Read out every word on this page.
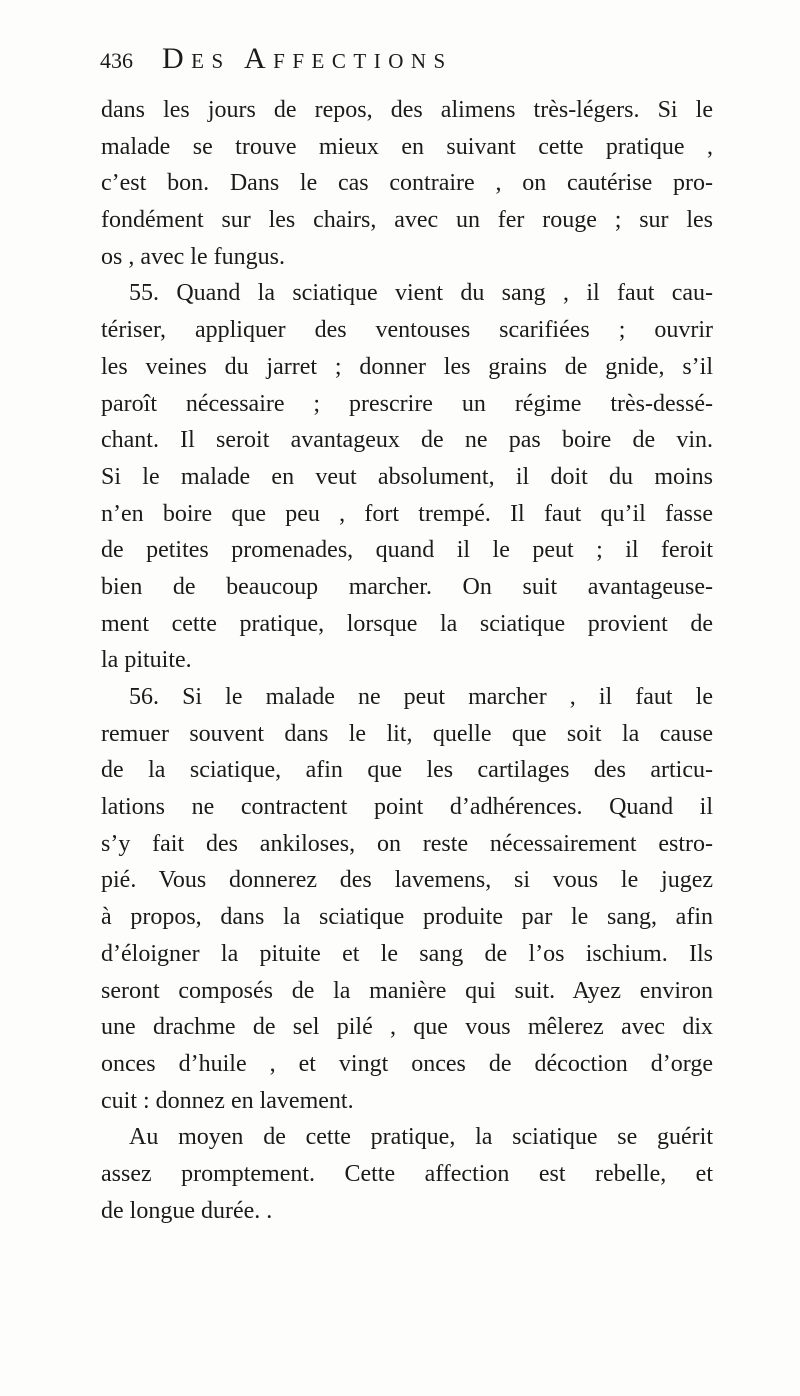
436 Des Affections
dans les jours de repos, des alimens très-légers. Si le
malade se trouve mieux en suivant cette pratique ,
c’est bon. Dans le cas contraire , on cautérise pro-
fondément sur les chairs, avec un fer rouge ; sur les
os , avec le fungus.
55. Quand la sciatique vient du sang , il faut cau-
tériser, appliquer des ventouses scarifiées ; ouvrir
les veines du jarret ; donner les grains de gnide, s’il
paroît nécessaire ; prescrire un régime très-dessé-
chant. Il seroit avantageux de ne pas boire de vin.
Si le malade en veut absolument, il doit du moins
n’en boire que peu , fort trempé. Il faut qu’il fasse
de petites promenades, quand il le peut ; il feroit
bien de beaucoup marcher. On suit avantageuse-
ment cette pratique, lorsque la sciatique provient de
la pituite.
56. Si le malade ne peut marcher , il faut le
remuer souvent dans le lit, quelle que soit la cause
de la sciatique, afin que les cartilages des articu-
lations ne contractent point d’adhérences. Quand il
s’y fait des ankiloses, on reste nécessairement estro-
pié. Vous donnerez des lavemens, si vous le jugez
à propos, dans la sciatique produite par le sang, afin
d’éloigner la pituite et le sang de l’os ischium. Ils
seront composés de la manière qui suit. Ayez environ
une drachme de sel pilé , que vous mêlerez avec dix
onces d’huile , et vingt onces de décoction d’orge
cuit : donnez en lavement.
Au moyen de cette pratique, la sciatique se guérit
assez promptement. Cette affection est rebelle, et
de longue durée. .
